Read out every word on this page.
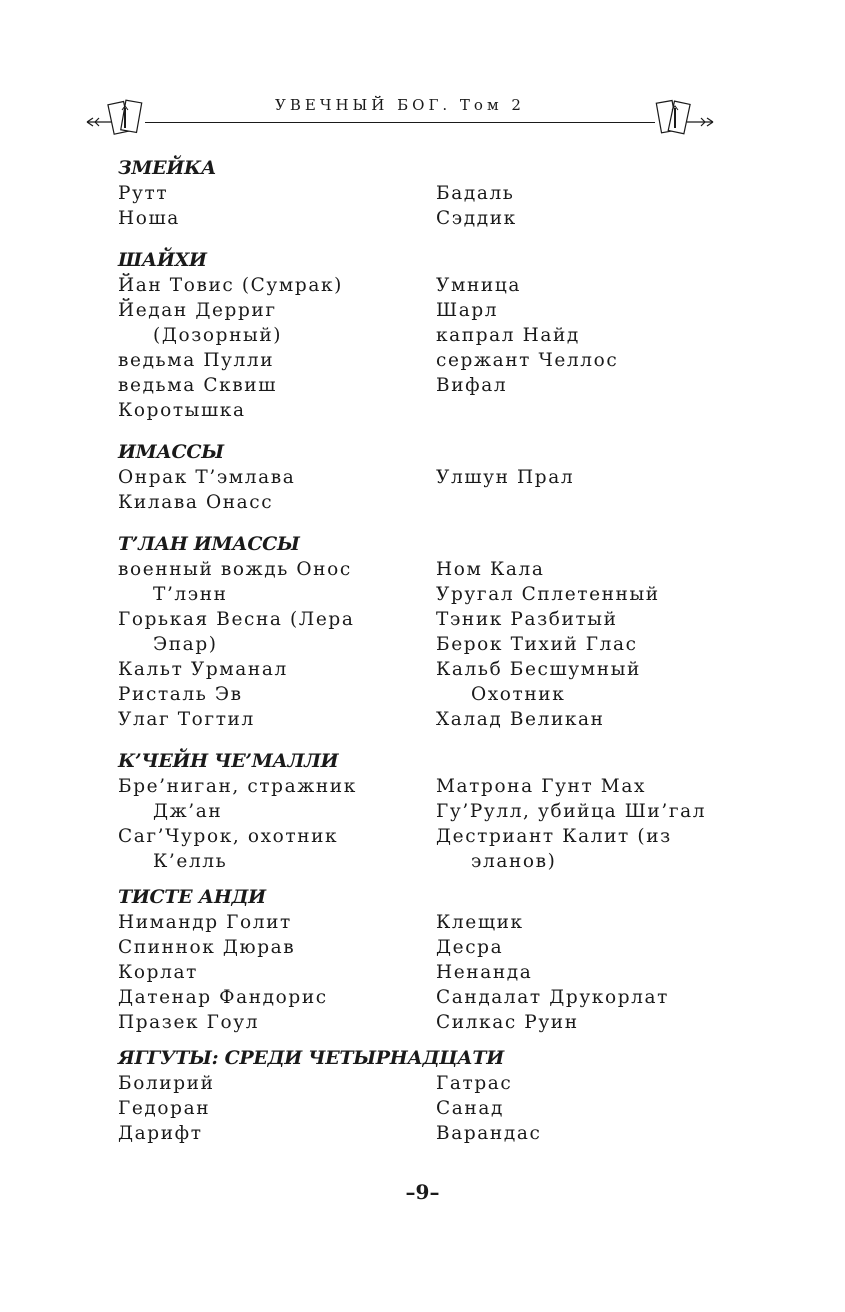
УВЕЧНЫЙ БОГ. Том 2
ЗМЕЙКА
Рутт
Ноша
Бадаль
Сэддик
ШАЙХИ
Йан Товис (Сумрак)
Йедан Дерриг
(Дозорный)
ведьма Пулли
ведьма Сквиш
Коротышка
Умница
Шарл
капрал Найд
сержант Челлос
Вифал
ИМАССЫ
Онрак Т’эмлава
Килава Онасс
Улшун Прал
Т’ЛАН ИМАССЫ
военный вождь Онос
Т’лэнн
Горькая Весна (Лера
Эпар)
Кальт Урманал
Ристаль Эв
Улаг Тогтил
Ном Кала
Уругал Сплетенный
Тэник Разбитый
Берок Тихий Глас
Кальб Бесшумный
Охотник
Халад Великан
К’ЧЕЙН ЧЕ’МАЛЛИ
Бре’ниган, стражник
Дж’ан
Саг’Чурок, охотник
К’елль
Матрона Гунт Мах
Гу’Рулл, убийца Ши’гал
Дестриант Калит (из
эланов)
ТИСТЕ АНДИ
Нимандр Голит
Спиннок Дюрав
Корлат
Датенар Фандорис
Празек Гоул
Клещик
Десра
Ненанда
Сандалат Друкорлат
Силкас Руин
ЯГГУТЫ: СРЕДИ ЧЕТЫРНАДЦАТИ
Болирий
Гедоран
Дарифт
Гатрас
Санад
Варандас
–9–
